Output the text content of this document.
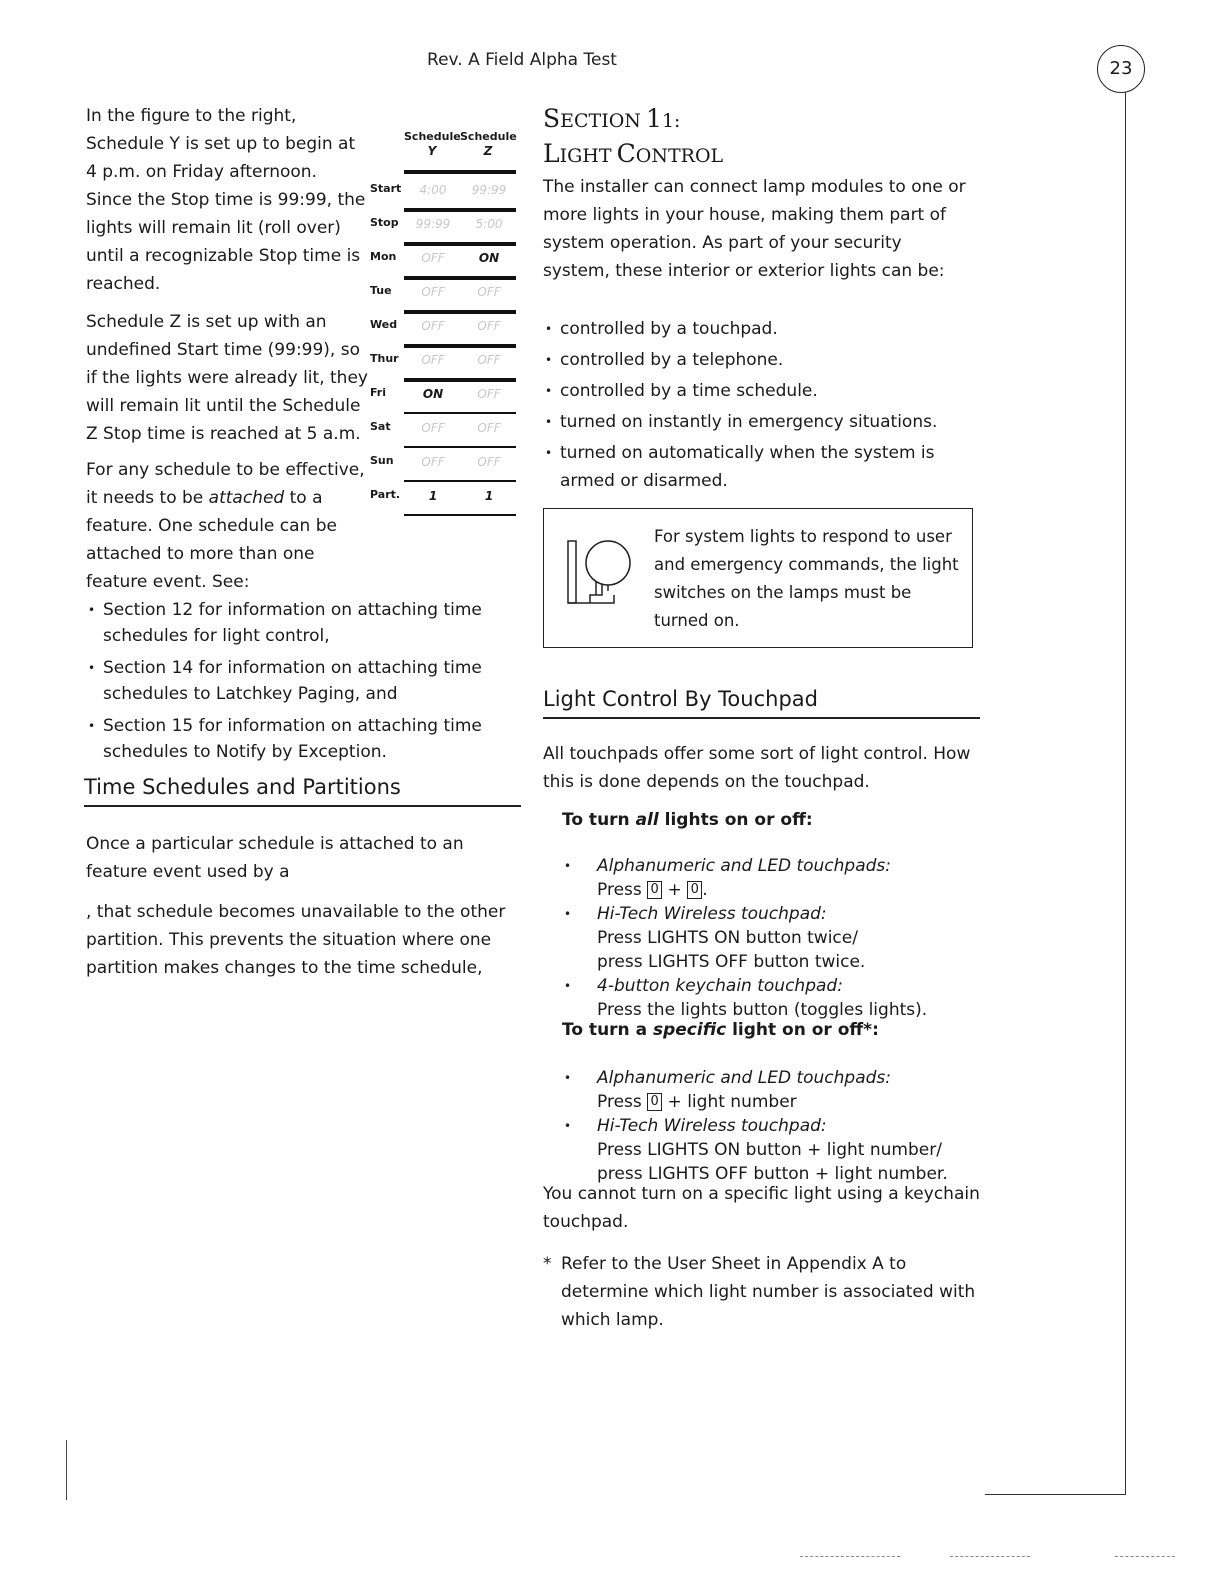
Rev. A Field Alpha Test	23

In the figure to the right, Schedule Y is set up to begin at 4 p.m. on Friday afternoon. Since the Stop time is 99:99, the lights will remain lit (roll over) until a recognizable Stop time is reached.

Schedule Z is set up with an undefined Start time (99:99), so if the lights were already lit, they will remain lit until the Schedule Z Stop time is reached at 5 a.m.

For any schedule to be effective, it needs to be attached to a feature. One schedule can be attached to more than one feature event. See:

Schedule
Y
Schedule
Z
Start	4:00	99:99
Stop	99:99	5:00
Mon	OFF	ON
Tue	OFF	OFF
Wed	OFF	OFF
Thur	OFF	OFF
Fri	ON	OFF
Sat	OFF	OFF
Sun	OFF	OFF
Part.	1	1
• Section 12 for information on attaching time schedules for light control,
• Section 14 for information on attaching time schedules to Latchkey Paging, and
• Section 15 for information on attaching time schedules to Notify by Exception.
Time Schedules and Partitions

Once a particular schedule is attached to an feature event used by a

, that schedule becomes unavailable to the other partition. This prevents the situation where one partition makes changes to the time schedule,

SECTION 11:
LIGHT CONTROL

The installer can connect lamp modules to one or more lights in your house, making them part of system operation. As part of your security system, these interior or exterior lights can be:

• controlled by a touchpad.
• controlled by a telephone.
• controlled by a time schedule.
• turned on instantly in emergency situations.
• turned on automatically when the system is armed or disarmed.
For system lights to respond to user and emergency commands, the light switches on the lamps must be turned on.
Light Control By Touchpad

All touchpads offer some sort of light control. How this is done depends on the touchpad.

To turn all lights on or off:
• Alphanumeric and LED touchpads:
Press 0 + 0 .
• Hi-Tech Wireless touchpad:
Press LIGHTS ON button twice/
press LIGHTS OFF button twice.
• 4-button keychain touchpad:
Press the lights button (toggles lights).
To turn a specific light on or off*:
• Alphanumeric and LED touchpads:
Press 0 + light number
• Hi-Tech Wireless touchpad:
Press LIGHTS ON button + light number/
press LIGHTS OFF button + light number.

You cannot turn on a specific light using a keychain touchpad.

* Refer to the User Sheet in Appendix A to determine which light number is associated with which lamp.
